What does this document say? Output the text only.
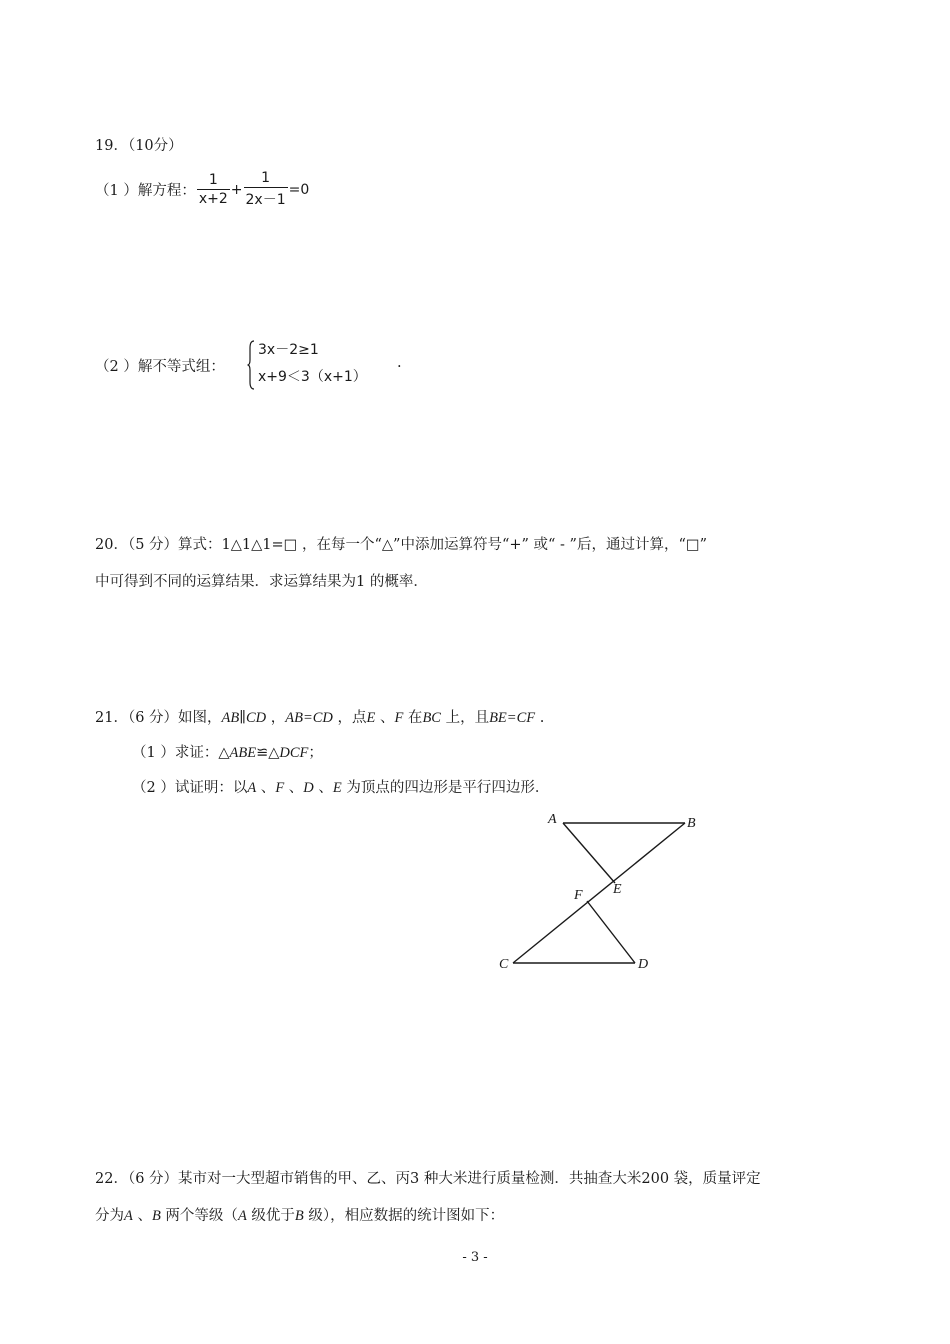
19．（10分）
（1 ）解方程： $\frac{1}{x+2} + \frac{1}{2x-1} =0$
（2 ）解不等式组：
3x－2≥1
x+9＜3（x+1）
.
20．（5 分）算式：1△1△1=□ ，在每一个“△”中添加运算符号“+” 或“ - ”后，通过计算，“□”
中可得到不同的运算结果．求运算结果为1 的概率．
21．（6 分）如图，AB∥CD ，AB=CD ，点E 、F 在BC 上，且BE=CF .
（1 ）求证：△ABE≌△DCF；
（2 ）试证明：以A 、F 、D 、E 为顶点的四边形是平行四边形．
A	B
E
F
C	D
22．（6 分）某市对一大型超市销售的甲、乙、丙3 种大米进行质量检测．共抽查大米200 袋，质量评定
分为A 、B 两个等级（A 级优于B 级），相应数据的统计图如下：
- 3 -
